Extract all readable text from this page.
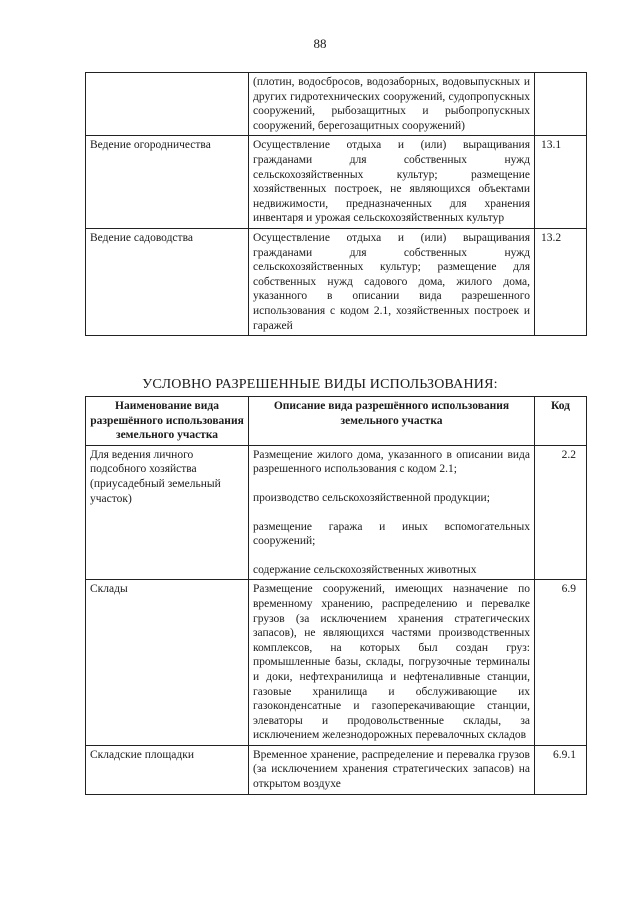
88
	(плотин, водосбросов, водозаборных, водовыпускных и других гидротехнических сооружений, судопропускных сооружений, рыбозащитных и рыбопропускных сооружений, берегозащитных сооружений)	
Ведение огородничества	Осуществление отдыха и (или) выращивания гражданами для собственных нужд сельскохозяйственных культур; размещение хозяйственных построек, не являющихся объектами недвижимости, предназначенных для хранения инвентаря и урожая сельскохозяйственных культур	13.1
Ведение садоводства	Осуществление отдыха и (или) выращивания гражданами для собственных нужд сельскохозяйственных культур; размещение для собственных нужд садового дома, жилого дома, указанного в описании вида разрешенного использования с кодом 2.1, хозяйственных построек и гаражей	13.2
УСЛОВНО РАЗРЕШЕННЫЕ ВИДЫ ИСПОЛЬЗОВАНИЯ:
Наименование вида разрешённого использования земельного участка	Описание вида разрешённого использования земельного участка	Код
Для ведения личного подсобного хозяйства (приусадебный земельный участок)	Размещение жилого дома, указанного в описании вида разрешенного использования с кодом 2.1;
производство сельскохозяйственной продукции;
размещение гаража и иных вспомогательных сооружений;
содержание сельскохозяйственных животных	2.2
Склады	Размещение сооружений, имеющих назначение по временному хранению, распределению и перевалке грузов (за исключением хранения стратегических запасов), не являющихся частями производственных комплексов, на которых был создан груз: промышленные базы, склады, погрузочные терминалы и доки, нефтехранилища и нефтеналивные станции, газовые хранилища и обслуживающие их газоконденсатные и газоперекачивающие станции, элеваторы и продовольственные склады, за исключением железнодорожных перевалочных складов	6.9
Складские площадки	Временное хранение, распределение и перевалка грузов (за исключением хранения стратегических запасов) на открытом воздухе	6.9.1
